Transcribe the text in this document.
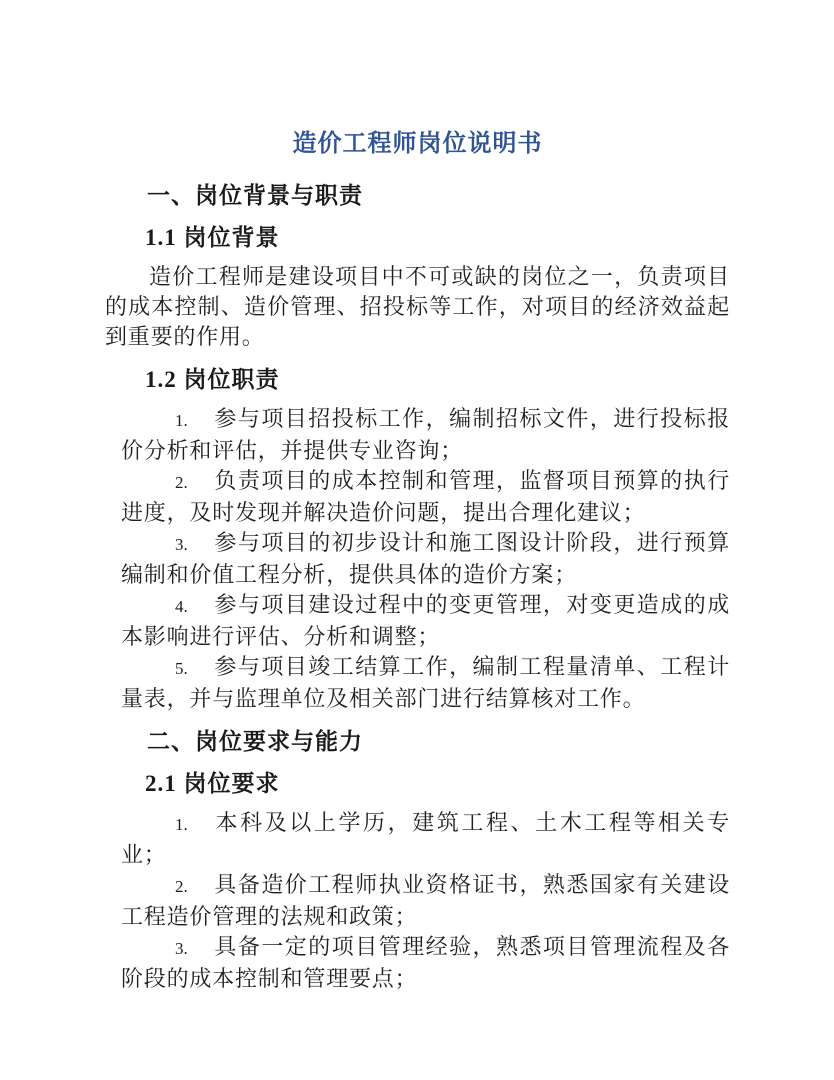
造价工程师岗位说明书
一、岗位背景与职责
1.1 岗位背景

造价工程师是建设项目中不可或缺的岗位之一，负责项目的成本控制、造价管理、招投标等工作，对项目的经济效益起到重要的作用。

1.2 岗位职责
1. 参与项目招投标工作，编制招标文件，进行投标报价分析和评估，并提供专业咨询；
2. 负责项目的成本控制和管理，监督项目预算的执行进度，及时发现并解决造价问题，提出合理化建议；
3. 参与项目的初步设计和施工图设计阶段，进行预算编制和价值工程分析，提供具体的造价方案；
4. 参与项目建设过程中的变更管理，对变更造成的成本影响进行评估、分析和调整；
5. 参与项目竣工结算工作，编制工程量清单、工程计量表，并与监理单位及相关部门进行结算核对工作。
二、岗位要求与能力
2.1 岗位要求
1. 本科及以上学历，建筑工程、土木工程等相关专业；
2. 具备造价工程师执业资格证书，熟悉国家有关建设工程造价管理的法规和政策；
3. 具备一定的项目管理经验，熟悉项目管理流程及各阶段的成本控制和管理要点；
